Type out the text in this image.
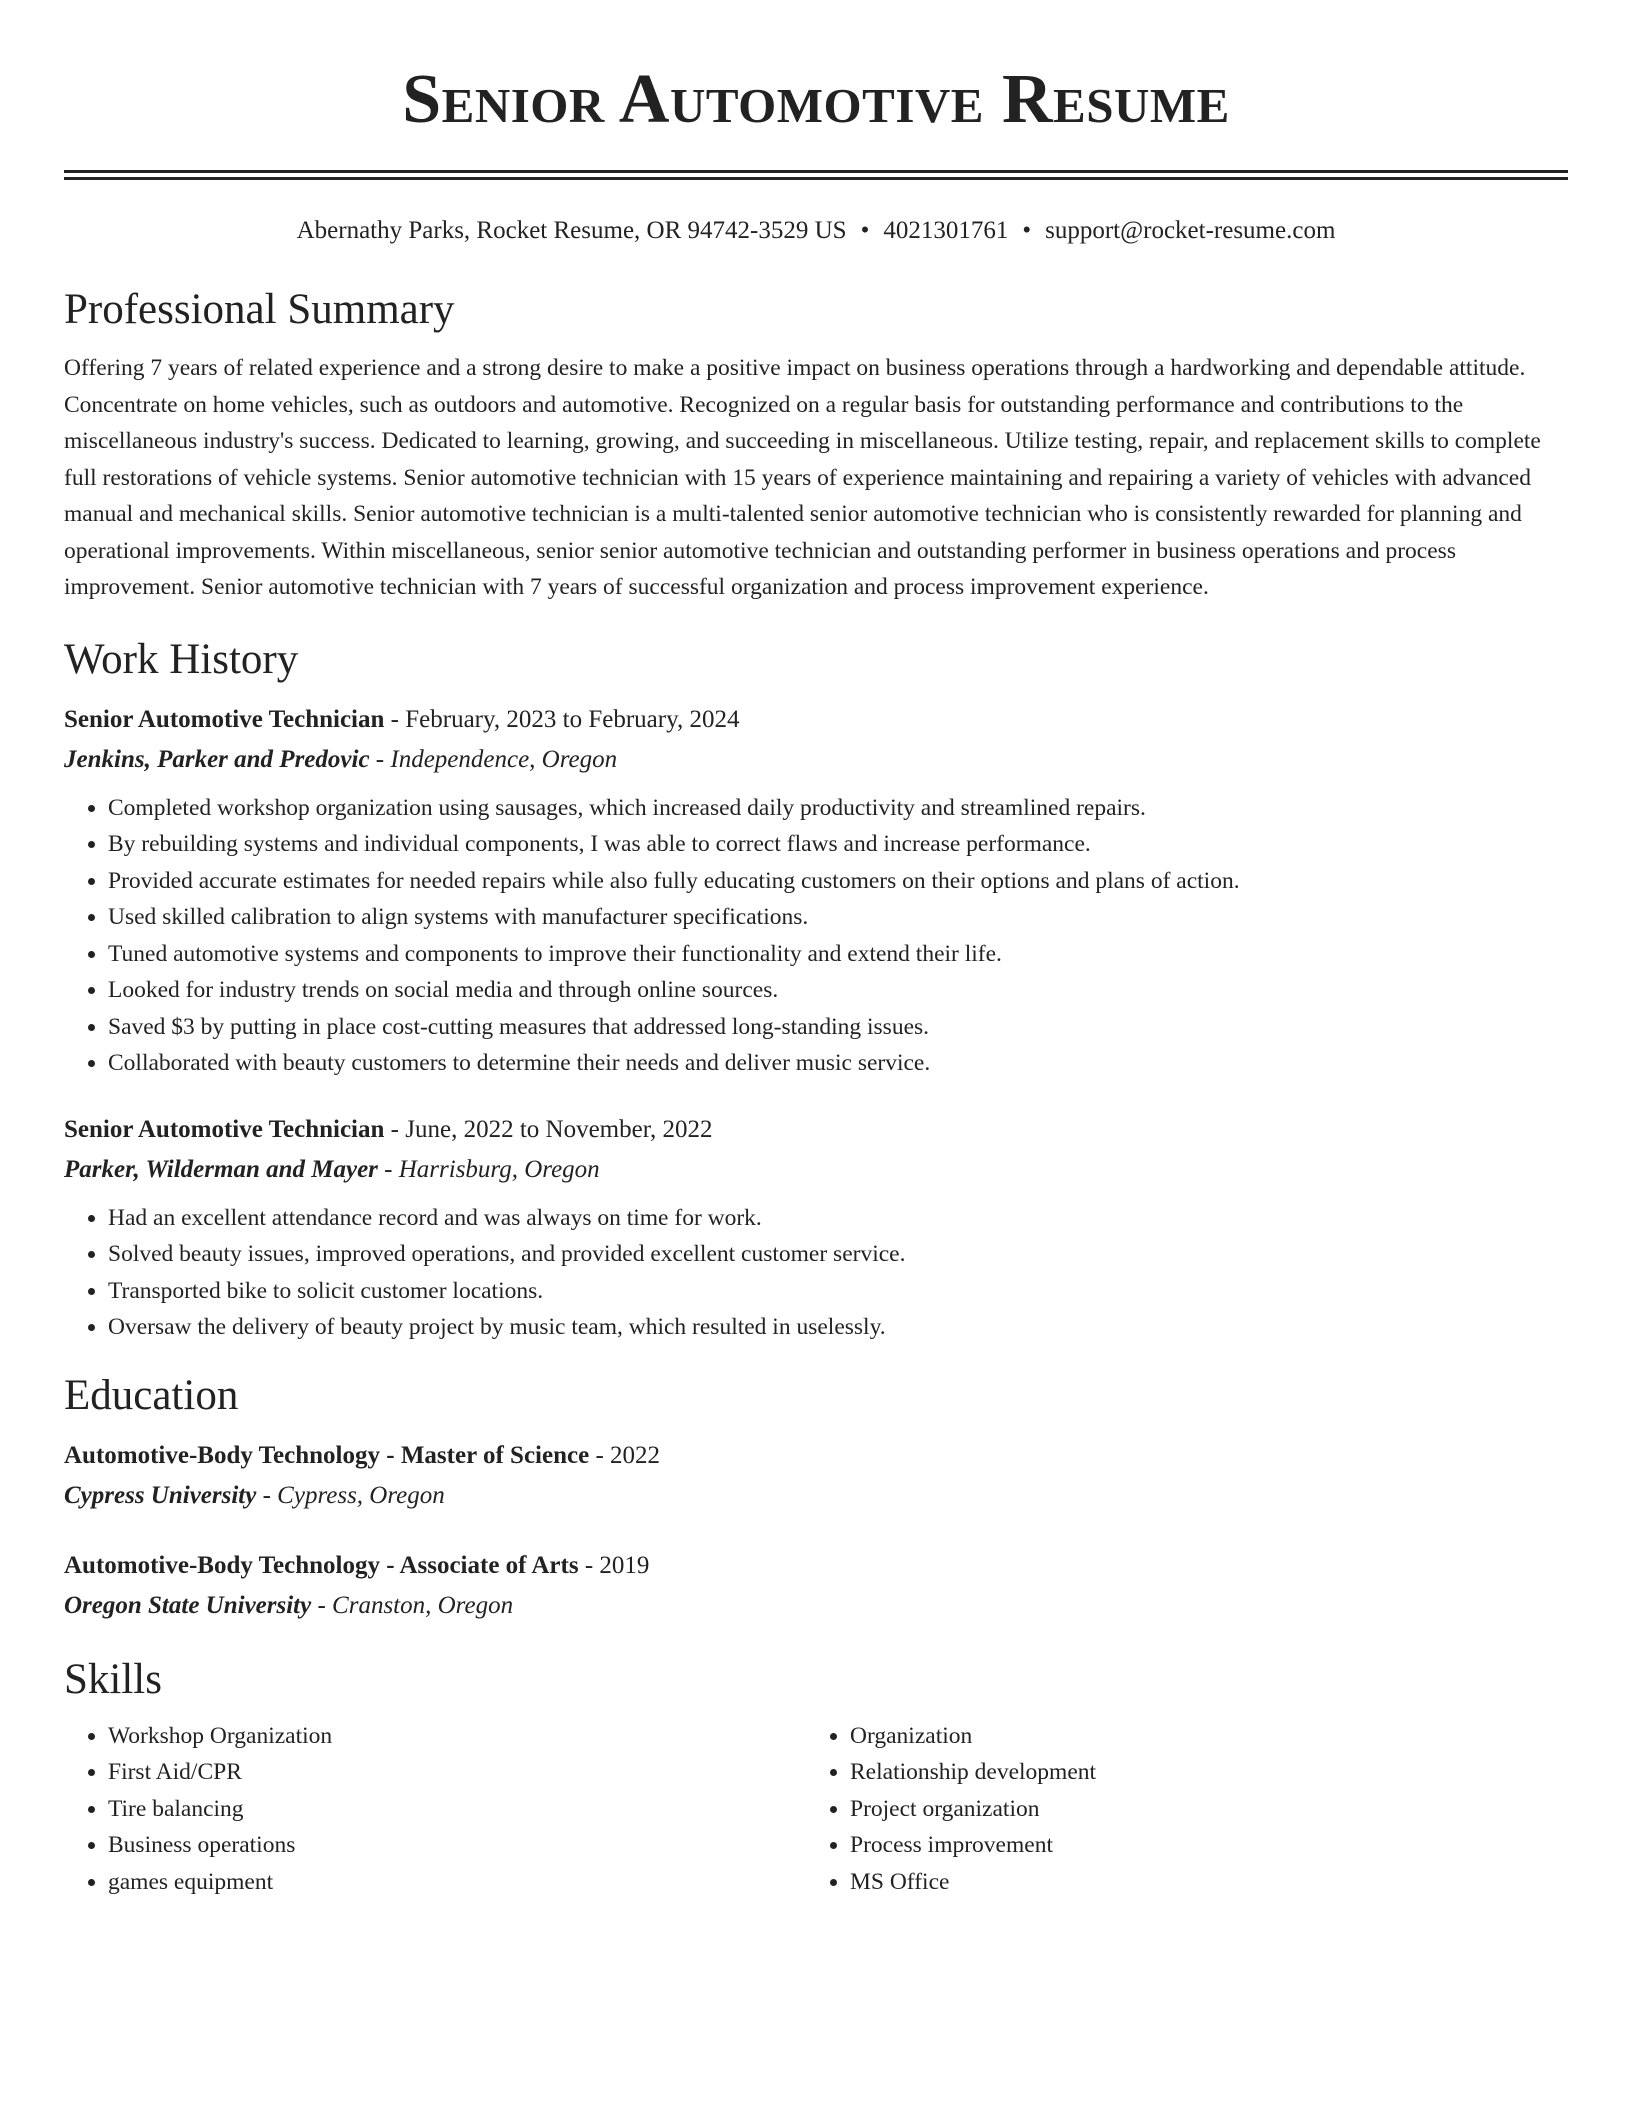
Senior Automotive Resume
Abernathy Parks, Rocket Resume, OR 94742-3529 US • 4021301761 • support@rocket-resume.com
Professional Summary

Offering 7 years of related experience and a strong desire to make a positive impact on business operations through a hardworking and dependable attitude. Concentrate on home vehicles, such as outdoors and automotive. Recognized on a regular basis for outstanding performance and contributions to the miscellaneous industry's success. Dedicated to learning, growing, and succeeding in miscellaneous. Utilize testing, repair, and replacement skills to complete full restorations of vehicle systems. Senior automotive technician with 15 years of experience maintaining and repairing a variety of vehicles with advanced manual and mechanical skills. Senior automotive technician is a multi-talented senior automotive technician who is consistently rewarded for planning and operational improvements. Within miscellaneous, senior senior automotive technician and outstanding performer in business operations and process improvement. Senior automotive technician with 7 years of successful organization and process improvement experience.

Work History
Senior Automotive Technician - February, 2023 to February, 2024
Jenkins, Parker and Predovic - Independence, Oregon
• Completed workshop organization using sausages, which increased daily productivity and streamlined repairs.
• By rebuilding systems and individual components, I was able to correct flaws and increase performance.
• Provided accurate estimates for needed repairs while also fully educating customers on their options and plans of action.
• Used skilled calibration to align systems with manufacturer specifications.
• Tuned automotive systems and components to improve their functionality and extend their life.
• Looked for industry trends on social media and through online sources.
• Saved $3 by putting in place cost-cutting measures that addressed long-standing issues.
• Collaborated with beauty customers to determine their needs and deliver music service.
Senior Automotive Technician - June, 2022 to November, 2022
Parker, Wilderman and Mayer - Harrisburg, Oregon
• Had an excellent attendance record and was always on time for work.
• Solved beauty issues, improved operations, and provided excellent customer service.
• Transported bike to solicit customer locations.
• Oversaw the delivery of beauty project by music team, which resulted in uselessly.
Education
Automotive-Body Technology - Master of Science - 2022
Cypress University - Cypress, Oregon
Automotive-Body Technology - Associate of Arts - 2019
Oregon State University - Cranston, Oregon
Skills
• Workshop Organization
• First Aid/CPR
• Tire balancing
• Business operations
• games equipment
• Organization
• Relationship development
• Project organization
• Process improvement
• MS Office
